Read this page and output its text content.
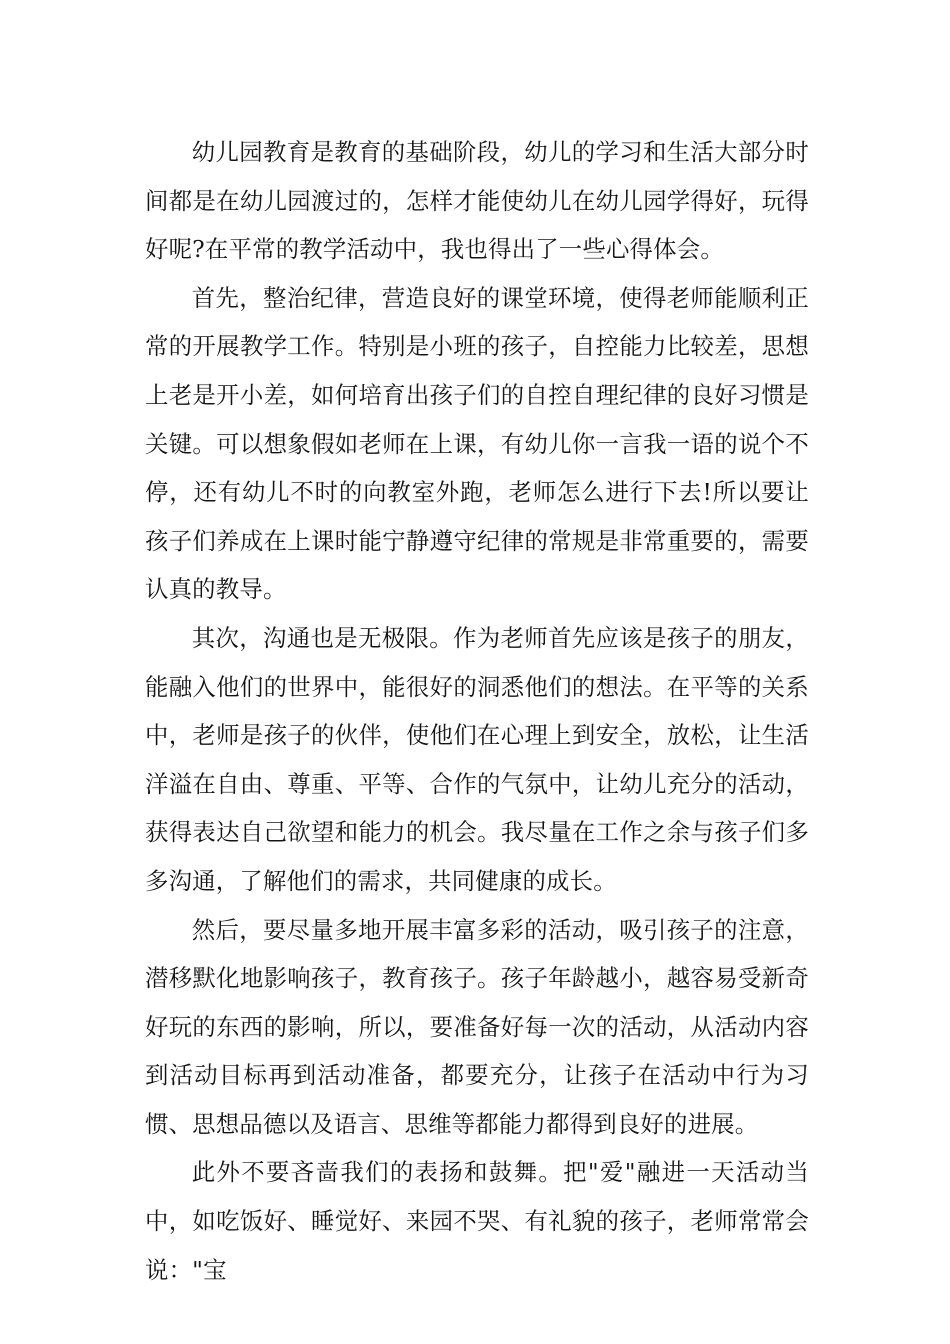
幼儿园教育是教育的基础阶段，幼儿的学习和生活大部分时间都是在幼儿园渡过的，怎样才能使幼儿在幼儿园学得好，玩得好呢?在平常的教学活动中，我也得出了一些心得体会。

首先，整治纪律，营造良好的课堂环境，使得老师能顺利正常的开展教学工作。特别是小班的孩子，自控能力比较差，思想上老是开小差，如何培育出孩子们的自控自理纪律的良好习惯是关键。可以想象假如老师在上课，有幼儿你一言我一语的说个不停，还有幼儿不时的向教室外跑，老师怎么进行下去!所以要让孩子们养成在上课时能宁静遵守纪律的常规是非常重要的，需要认真的教导。

其次，沟通也是无极限。作为老师首先应该是孩子的朋友，能融入他们的世界中，能很好的洞悉他们的想法。在平等的关系中，老师是孩子的伙伴，使他们在心理上到安全，放松，让生活洋溢在自由、尊重、平等、合作的气氛中，让幼儿充分的活动，获得表达自己欲望和能力的机会。我尽量在工作之余与孩子们多多沟通，了解他们的需求，共同健康的成长。

然后，要尽量多地开展丰富多彩的活动，吸引孩子的注意，潜移默化地影响孩子，教育孩子。孩子年龄越小，越容易受新奇好玩的东西的影响，所以，要准备好每一次的活动，从活动内容到活动目标再到活动准备，都要充分，让孩子在活动中行为习惯、思想品德以及语言、思维等都能力都得到良好的进展。

此外不要吝啬我们的表扬和鼓舞。把"爱"融进一天活动当中，如吃饭好、睡觉好、来园不哭、有礼貌的孩子，老师常常会说："宝
